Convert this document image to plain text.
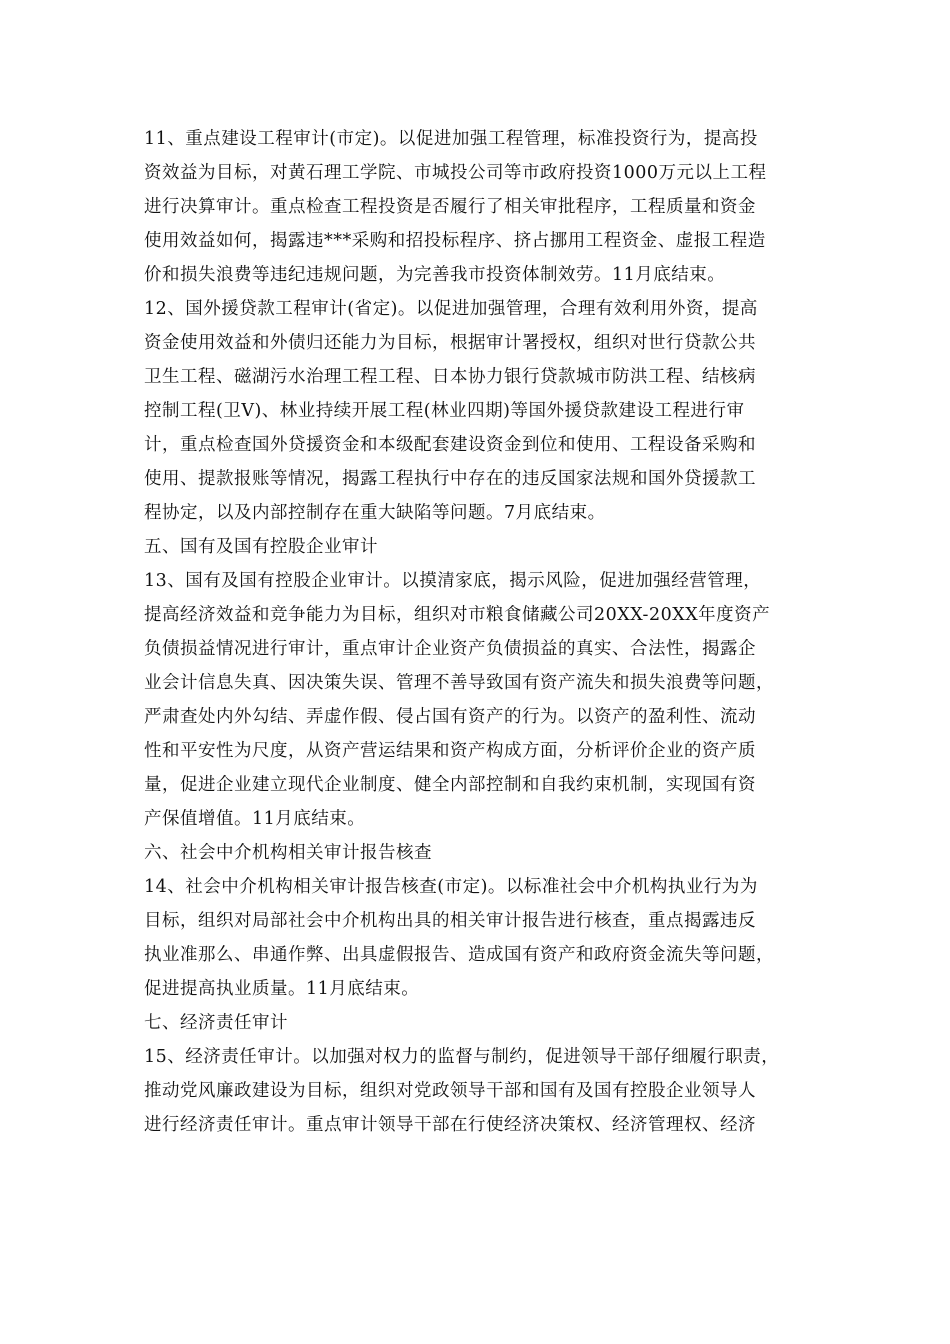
11、重点建设工程审计(市定)。以促进加强工程管理，标准投资行为，提高投
资效益为目标，对黄石理工学院、市城投公司等市政府投资1000万元以上工程
进行决算审计。重点检查工程投资是否履行了相关审批程序，工程质量和资金
使用效益如何，揭露违***采购和招投标程序、挤占挪用工程资金、虚报工程造
价和损失浪费等违纪违规问题，为完善我市投资体制效劳。11月底结束。
12、国外援贷款工程审计(省定)。以促进加强管理，合理有效利用外资，提高
资金使用效益和外债归还能力为目标，根据审计署授权，组织对世行贷款公共
卫生工程、磁湖污水治理工程工程、日本协力银行贷款城市防洪工程、结核病
控制工程(卫Ⅴ)、林业持续开展工程(林业四期)等国外援贷款建设工程进行审
计，重点检查国外贷援资金和本级配套建设资金到位和使用、工程设备采购和
使用、提款报账等情况，揭露工程执行中存在的违反国家法规和国外贷援款工
程协定，以及内部控制存在重大缺陷等问题。7月底结束。
五、国有及国有控股企业审计
13、国有及国有控股企业审计。以摸清家底，揭示风险，促进加强经营管理，
提高经济效益和竞争能力为目标，组织对市粮食储藏公司20XX-20XX年度资产
负债损益情况进行审计，重点审计企业资产负债损益的真实、合法性，揭露企
业会计信息失真、因决策失误、管理不善导致国有资产流失和损失浪费等问题，
严肃查处内外勾结、弄虚作假、侵占国有资产的行为。以资产的盈利性、流动
性和平安性为尺度，从资产营运结果和资产构成方面，分析评价企业的资产质
量，促进企业建立现代企业制度、健全内部控制和自我约束机制，实现国有资
产保值增值。11月底结束。
六、社会中介机构相关审计报告核查
14、社会中介机构相关审计报告核查(市定)。以标准社会中介机构执业行为为
目标，组织对局部社会中介机构出具的相关审计报告进行核查，重点揭露违反
执业准那么、串通作弊、出具虚假报告、造成国有资产和政府资金流失等问题，
促进提高执业质量。11月底结束。
七、经济责任审计
15、经济责任审计。以加强对权力的监督与制约，促进领导干部仔细履行职责，
推动党风廉政建设为目标，组织对党政领导干部和国有及国有控股企业领导人
进行经济责任审计。重点审计领导干部在行使经济决策权、经济管理权、经济
